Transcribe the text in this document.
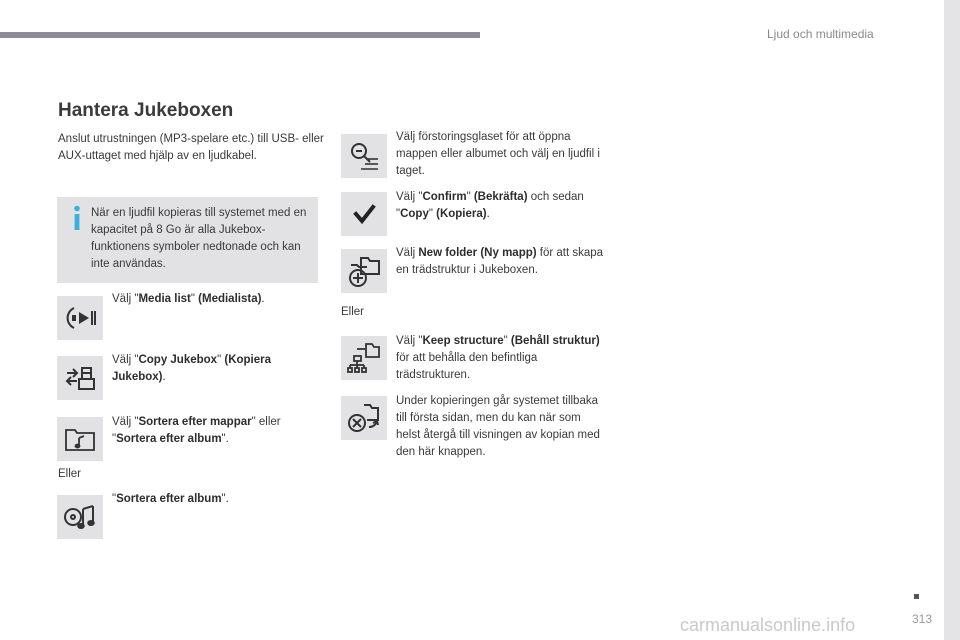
Ljud och multimedia
Hantera Jukeboxen
Anslut utrustningen (MP3-spelare etc.) till USB- eller AUX-uttaget med hjälp av en ljudkabel.
När en ljudfil kopieras till systemet med en kapacitet på 8 Go är alla Jukebox-funktionens symboler nedtonade och kan inte användas.
Välj "Media list" (Medialista).
Välj "Copy Jukebox" (Kopiera Jukebox).
Välj "Sortera efter mappar" eller "Sortera efter album".
Eller
"Sortera efter album".
Välj förstoringsglaset för att öppna mappen eller albumet och välj en ljudfil i taget.
Välj "Confirm" (Bekräfta) och sedan "Copy" (Kopiera).
Välj New folder (Ny mapp) för att skapa en trädstruktur i Jukeboxen.
Eller
Välj "Keep structure" (Behåll struktur) för att behålla den befintliga trädstrukturen.
Under kopieringen går systemet tillbaka till första sidan, men du kan när som helst återgå till visningen av kopian med den här knappen.
carmanualsonline.info	313
